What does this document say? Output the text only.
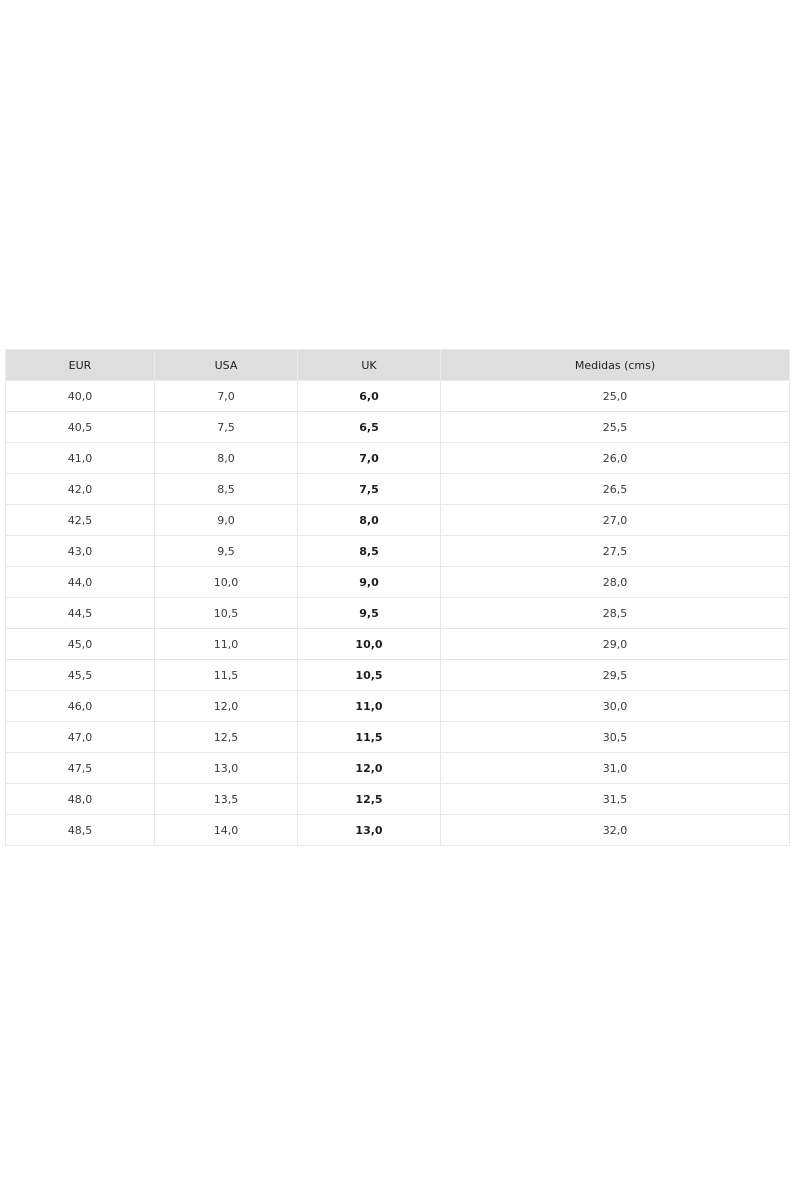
EUR	USA	UK	Medidas (cms)
40,0	7,0	6,0	25,0
40,5	7,5	6,5	25,5
41,0	8,0	7,0	26,0
42,0	8,5	7,5	26,5
42,5	9,0	8,0	27,0
43,0	9,5	8,5	27,5
44,0	10,0	9,0	28,0
44,5	10,5	9,5	28,5
45,0	11,0	10,0	29,0
45,5	11,5	10,5	29,5
46,0	12,0	11,0	30,0
47,0	12,5	11,5	30,5
47,5	13,0	12,0	31,0
48,0	13,5	12,5	31,5
48,5	14,0	13,0	32,0
